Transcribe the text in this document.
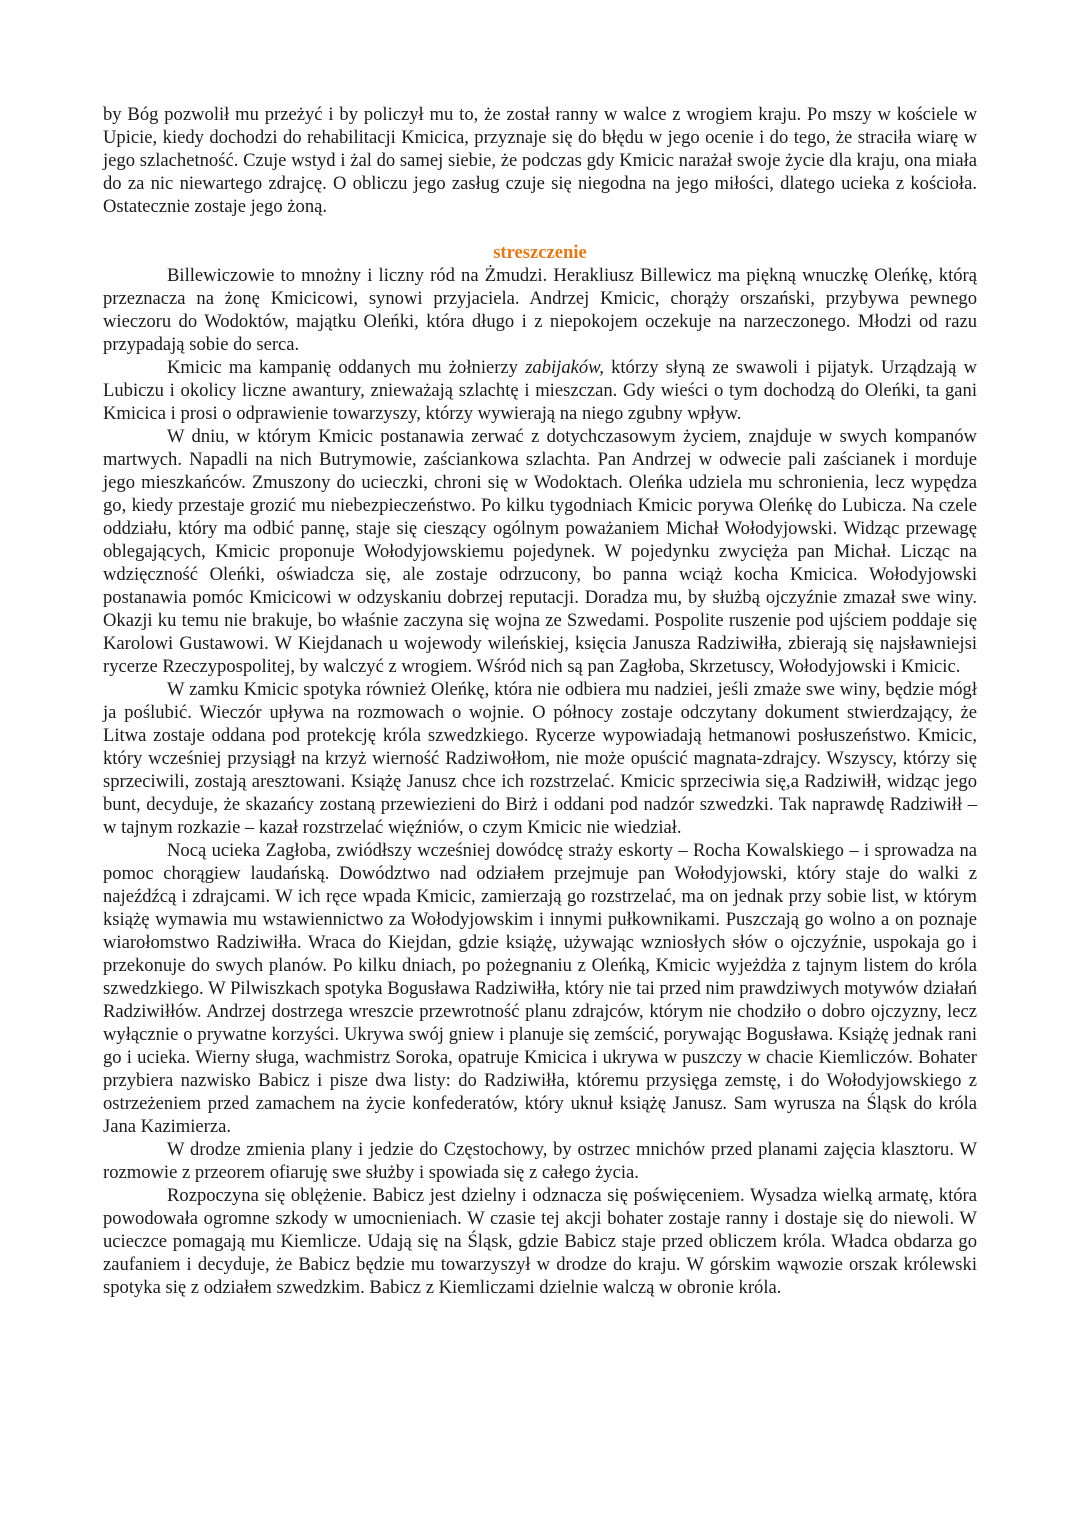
by Bóg pozwolił mu przeżyć i by policzył mu to, że został ranny w walce z wrogiem kraju. Po mszy w kościele w Upicie, kiedy dochodzi do rehabilitacji Kmicica, przyznaje się do błędu w jego ocenie i do tego, że straciła wiarę w jego szlachetność. Czuje wstyd i żal do samej siebie, że podczas gdy Kmicic narażał swoje życie dla kraju, ona miała do za nic niewartego zdrajcę. O obliczu jego zasług czuje się niegodna na jego miłości, dlatego ucieka z kościoła. Ostatecznie zostaje jego żoną.

streszczenie

Billewiczowie to mnożny i liczny ród na Żmudzi. Herakliusz Billewicz ma piękną wnuczkę Oleńkę, którą przeznacza na żonę Kmicicowi, synowi przyjaciela. Andrzej Kmicic, chorąży orszański, przybywa pewnego wieczoru do Wodoktów, majątku Oleńki, która długo i z niepokojem oczekuje na narzeczonego. Młodzi od razu przypadają sobie do serca.

Kmicic ma kampanię oddanych mu żołnierzy zabijaków, którzy słyną ze swawoli i pijatyk. Urządzają w Lubiczu i okolicy liczne awantury, znieważają szlachtę i mieszczan. Gdy wieści o tym dochodzą do Oleńki, ta gani Kmicica i prosi o odprawienie towarzyszy, którzy wywierają na niego zgubny wpływ.

W dniu, w którym Kmicic postanawia zerwać z dotychczasowym życiem, znajduje w swych kompanów martwych. Napadli na nich Butrymowie, zaściankowa szlachta. Pan Andrzej w odwecie pali zaścianek i morduje jego mieszkańców. Zmuszony do ucieczki, chroni się w Wodoktach. Oleńka udziela mu schronienia, lecz wypędza go, kiedy przestaje grozić mu niebezpieczeństwo. Po kilku tygodniach Kmicic porywa Oleńkę do Lubicza. Na czele oddziału, który ma odbić pannę, staje się cieszący ogólnym poważaniem Michał Wołodyjowski. Widząc przewagę oblegających, Kmicic proponuje Wołodyjowskiemu pojedynek. W pojedynku zwycięża pan Michał. Licząc na wdzięczność Oleńki, oświadcza się, ale zostaje odrzucony, bo panna wciąż kocha Kmicica. Wołodyjowski postanawia pomóc Kmicicowi w odzyskaniu dobrzej reputacji. Doradza mu, by służbą ojczyźnie zmazał swe winy. Okazji ku temu nie brakuje, bo właśnie zaczyna się wojna ze Szwedami. Pospolite ruszenie pod ujściem poddaje się Karolowi Gustawowi. W Kiejdanach u wojewody wileńskiej, księcia Janusza Radziwiłła, zbierają się najsławniejsi rycerze Rzeczypospolitej, by walczyć z wrogiem. Wśród nich są pan Zagłoba, Skrzetuscy, Wołodyjowski i Kmicic.

W zamku Kmicic spotyka również Oleńkę, która nie odbiera mu nadziei, jeśli zmaże swe winy, będzie mógł ja poślubić. Wieczór upływa na rozmowach o wojnie. O północy zostaje odczytany dokument stwierdzający, że Litwa zostaje oddana pod protekcję króla szwedzkiego. Rycerze wypowiadają hetmanowi posłuszeństwo. Kmicic, który wcześniej przysiągł na krzyż wierność Radziwołłom, nie może opuścić magnata-zdrajcy. Wszyscy, którzy się sprzeciwili, zostają aresztowani. Książę Janusz chce ich rozstrzelać. Kmicic sprzeciwia się,a Radziwiłł, widząc jego bunt, decyduje, że skazańcy zostaną przewiezieni do Birż i oddani pod nadzór szwedzki. Tak naprawdę Radziwiłł – w tajnym rozkazie – kazał rozstrzelać więźniów, o czym Kmicic nie wiedział.

Nocą ucieka Zagłoba, zwiódłszy wcześniej dowódcę straży eskorty – Rocha Kowalskiego – i sprowadza na pomoc chorągiew laudańską. Dowództwo nad odziałem przejmuje pan Wołodyjowski, który staje do walki z najeźdźcą i zdrajcami. W ich ręce wpada Kmicic, zamierzają go rozstrzelać, ma on jednak przy sobie list, w którym książę wymawia mu wstawiennictwo za Wołodyjowskim i innymi pułkownikami. Puszczają go wolno a on poznaje wiarołomstwo Radziwiłła. Wraca do Kiejdan, gdzie książę, używając wzniosłych słów o ojczyźnie, uspokaja go i przekonuje do swych planów. Po kilku dniach, po pożegnaniu z Oleńką, Kmicic wyjeżdża z tajnym listem do króla szwedzkiego. W Pilwiszkach spotyka Bogusława Radziwiłła, który nie tai przed nim prawdziwych motywów działań Radziwiłłów. Andrzej dostrzega wreszcie przewrotność planu zdrajców, którym nie chodziło o dobro ojczyzny, lecz wyłącznie o prywatne korzyści. Ukrywa swój gniew i planuje się zemścić, porywając Bogusława. Książę jednak rani go i ucieka. Wierny sługa, wachmistrz Soroka, opatruje Kmicica i ukrywa w puszczy w chacie Kiemliczów. Bohater przybiera nazwisko Babicz i pisze dwa listy: do Radziwiłła, któremu przysięga zemstę, i do Wołodyjowskiego z ostrzeżeniem przed zamachem na życie konfederatów, który uknuł książę Janusz. Sam wyrusza na Śląsk do króla Jana Kazimierza.

W drodze zmienia plany i jedzie do Częstochowy, by ostrzec mnichów przed planami zajęcia klasztoru. W rozmowie z przeorem ofiaruję swe służby i spowiada się z całego życia.

Rozpoczyna się oblężenie. Babicz jest dzielny i odznacza się poświęceniem. Wysadza wielką armatę, która powodowała ogromne szkody w umocnieniach. W czasie tej akcji bohater zostaje ranny i dostaje się do niewoli. W ucieczce pomagają mu Kiemlicze. Udają się na Śląsk, gdzie Babicz staje przed obliczem króla. Władca obdarza go zaufaniem i decyduje, że Babicz będzie mu towarzyszył w drodze do kraju. W górskim wąwozie orszak królewski spotyka się z odziałem szwedzkim. Babicz z Kiemliczami dzielnie walczą w obronie króla.
